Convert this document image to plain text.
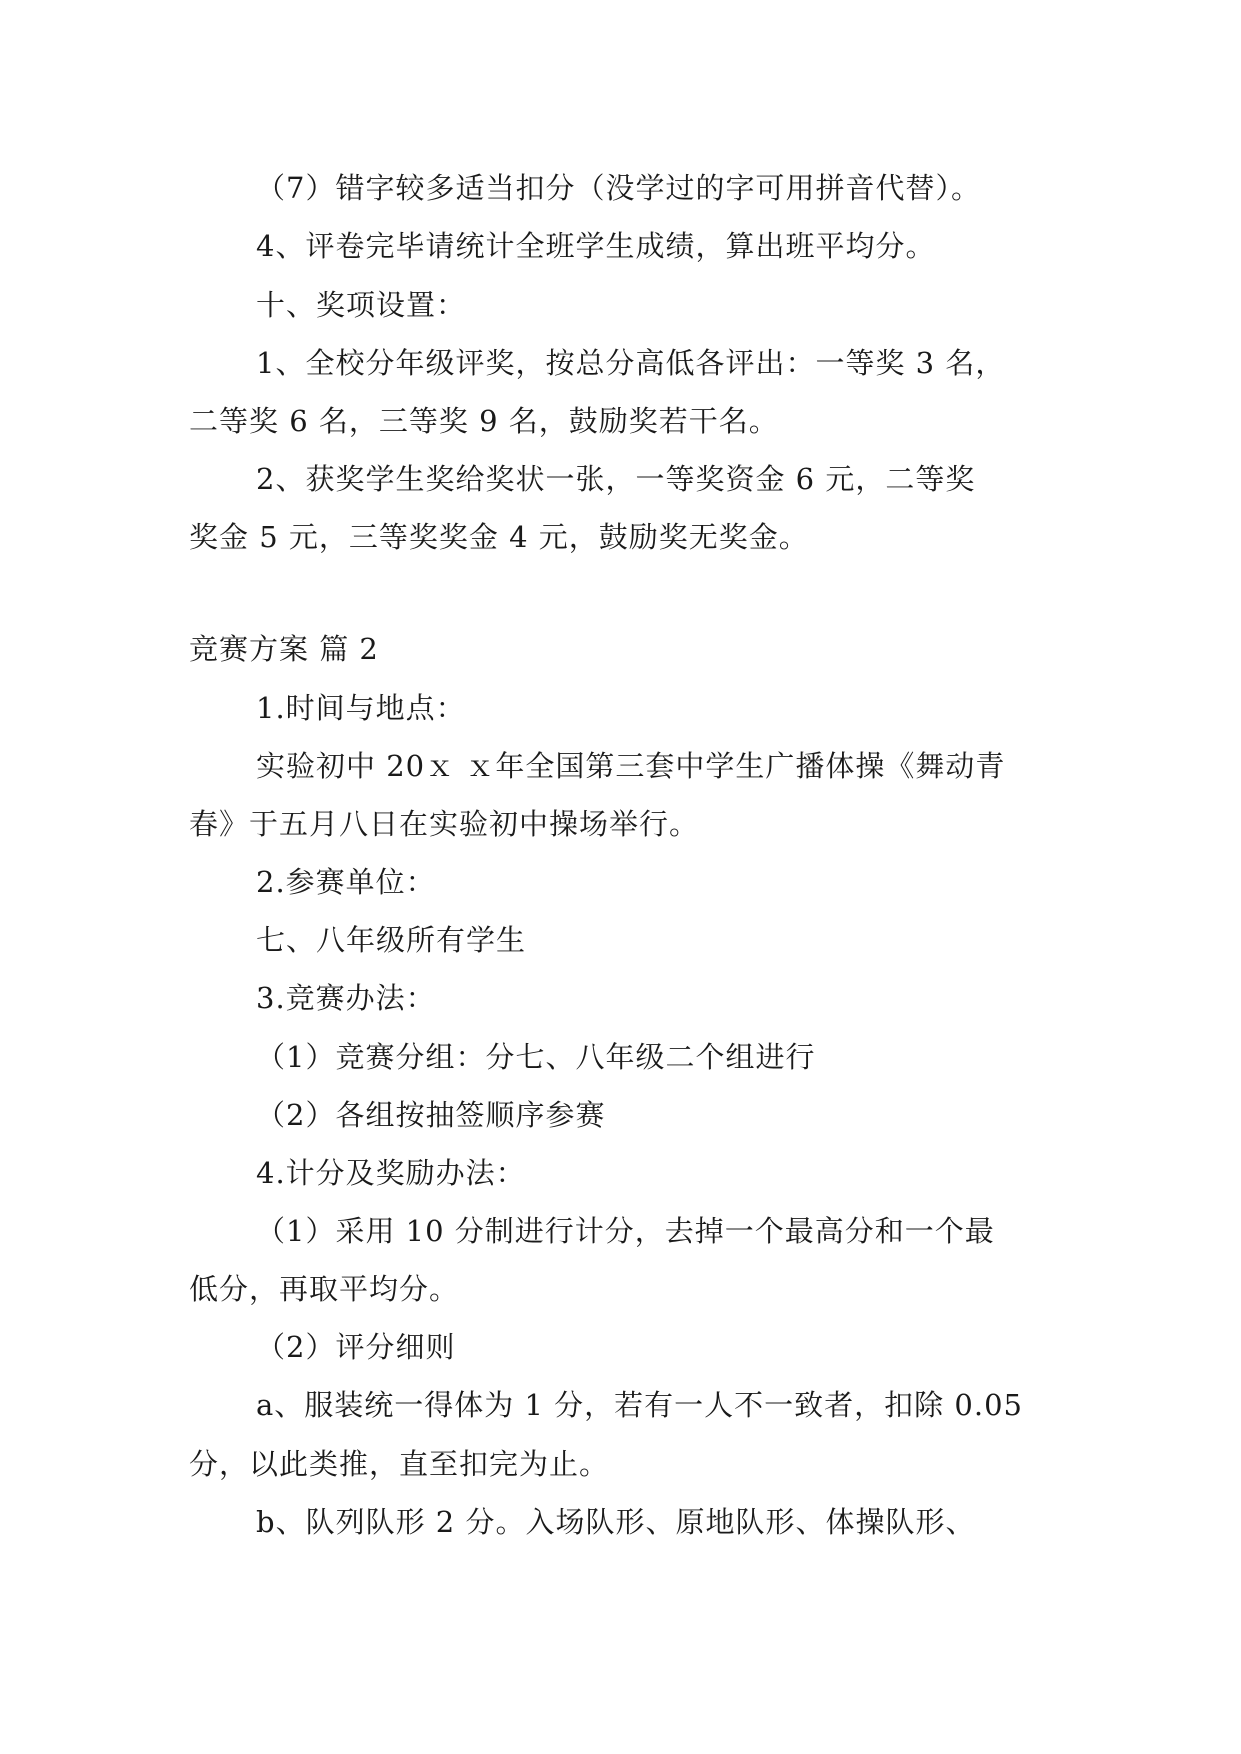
（7）错字较多适当扣分（没学过的字可用拼音代替）。
4、评卷完毕请统计全班学生成绩，算出班平均分。
十、奖项设置：
1、全校分年级评奖，按总分高低各评出：一等奖 3 名，
二等奖 6 名，三等奖 9 名，鼓励奖若干名。
2、获奖学生奖给奖状一张，一等奖资金 6 元，二等奖
奖金 5 元，三等奖奖金 4 元，鼓励奖无奖金。
竞赛方案 篇 2
1.时间与地点：
实验初中 20ｘ ｘ年全国第三套中学生广播体操《舞动青
春》于五月八日在实验初中操场举行。
2.参赛单位：
七、八年级所有学生
3.竞赛办法：
（1）竞赛分组：分七、八年级二个组进行
（2）各组按抽签顺序参赛
4.计分及奖励办法：
（1）采用 10 分制进行计分，去掉一个最高分和一个最
低分，再取平均分。
（2）评分细则
a、服装统一得体为 1 分，若有一人不一致者，扣除 0.05
分，以此类推，直至扣完为止。
b、队列队形 2 分。入场队形、原地队形、体操队形、
